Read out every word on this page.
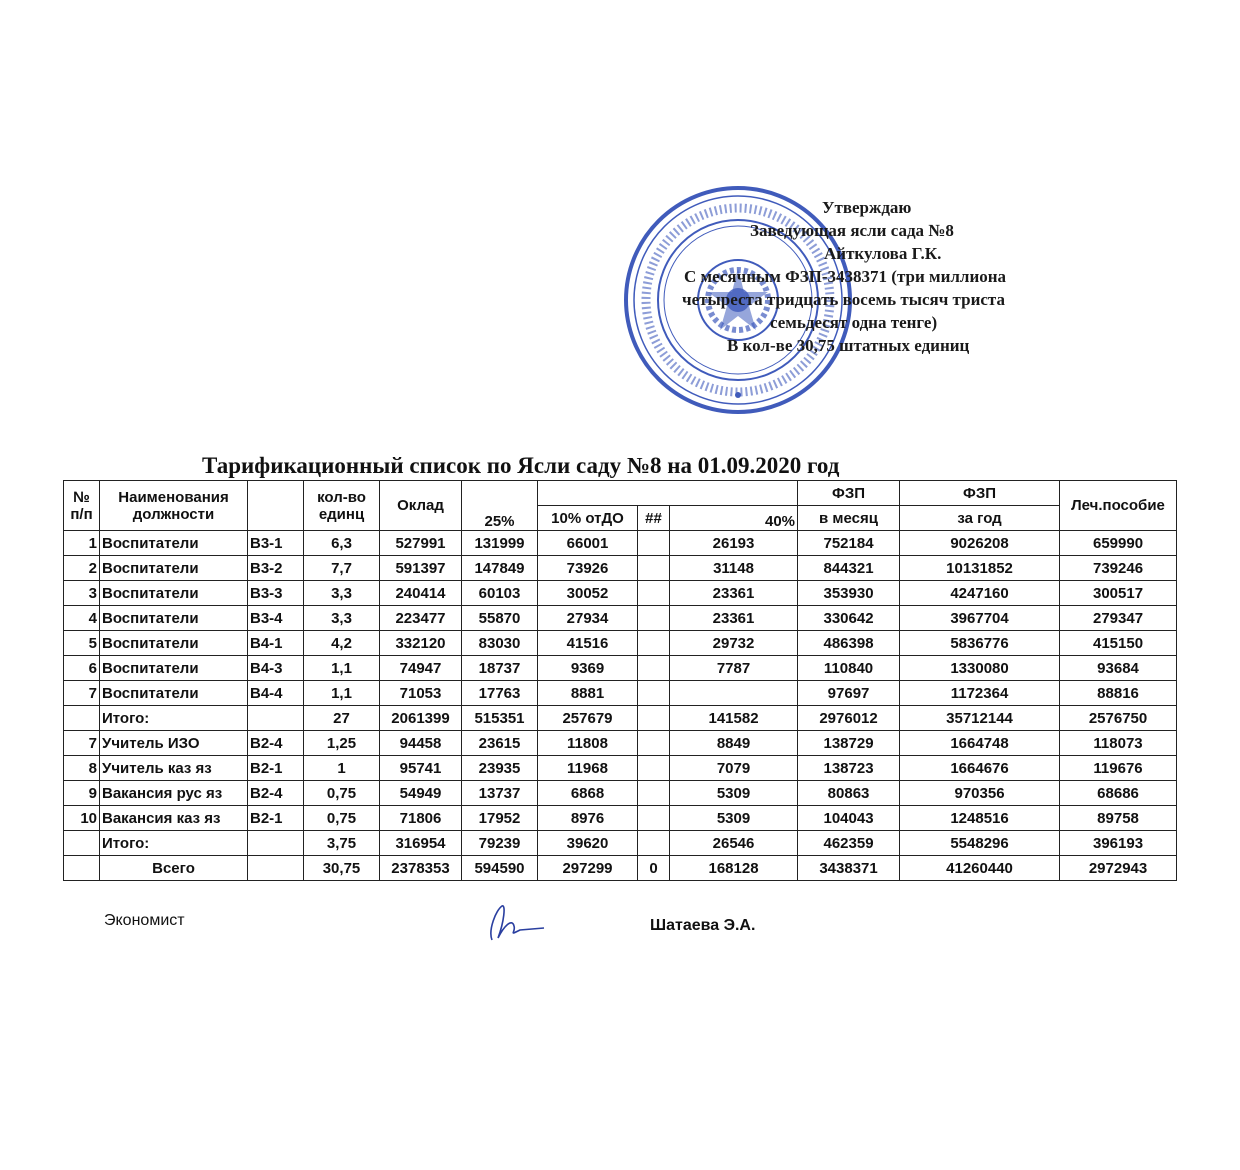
Утверждаю
Заведующая ясли сада №8
Айткулова Г.К.
С месячным ФЗП-3438371 (три миллиона
четыреста тридцать восемь тысяч триста
семьдесят одна тенге)
В кол-ве 30,75 штатных единиц
Тарификационный список по Ясли саду №8 на 01.09.2020 год
№ п/п	Наименования должности		кол-во единц	Оклад	25%				ФЗП	ФЗП	Леч.пособие
						10% отДО	##	40%	в месяц	за год	
1	Воспитатели	В3-1	6,3	527991	131999	66001		26193	752184	9026208	659990
2	Воспитатели	В3-2	7,7	591397	147849	73926		31148	844321	10131852	739246
3	Воспитатели	В3-3	3,3	240414	60103	30052		23361	353930	4247160	300517
4	Воспитатели	В3-4	3,3	223477	55870	27934		23361	330642	3967704	279347
5	Воспитатели	В4-1	4,2	332120	83030	41516		29732	486398	5836776	415150
6	Воспитатели	В4-3	1,1	74947	18737	9369		7787	110840	1330080	93684
7	Воспитатели	В4-4	1,1	71053	17763	8881			97697	1172364	88816
	Итого:		27	2061399	515351	257679		141582	2976012	35712144	2576750
7	Учитель ИЗО	В2-4	1,25	94458	23615	11808		8849	138729	1664748	118073
8	Учитель каз яз	В2-1	1	95741	23935	11968		7079	138723	1664676	119676
9	Вакансия рус яз	В2-4	0,75	54949	13737	6868		5309	80863	970356	68686
10	Вакансия каз яз	В2-1	0,75	71806	17952	8976		5309	104043	1248516	89758
	Итого:		3,75	316954	79239	39620		26546	462359	5548296	396193
	Всего		30,75	2378353	594590	297299	0	168128	3438371	41260440	2972943
Экономист	Шатаева Э.А.
